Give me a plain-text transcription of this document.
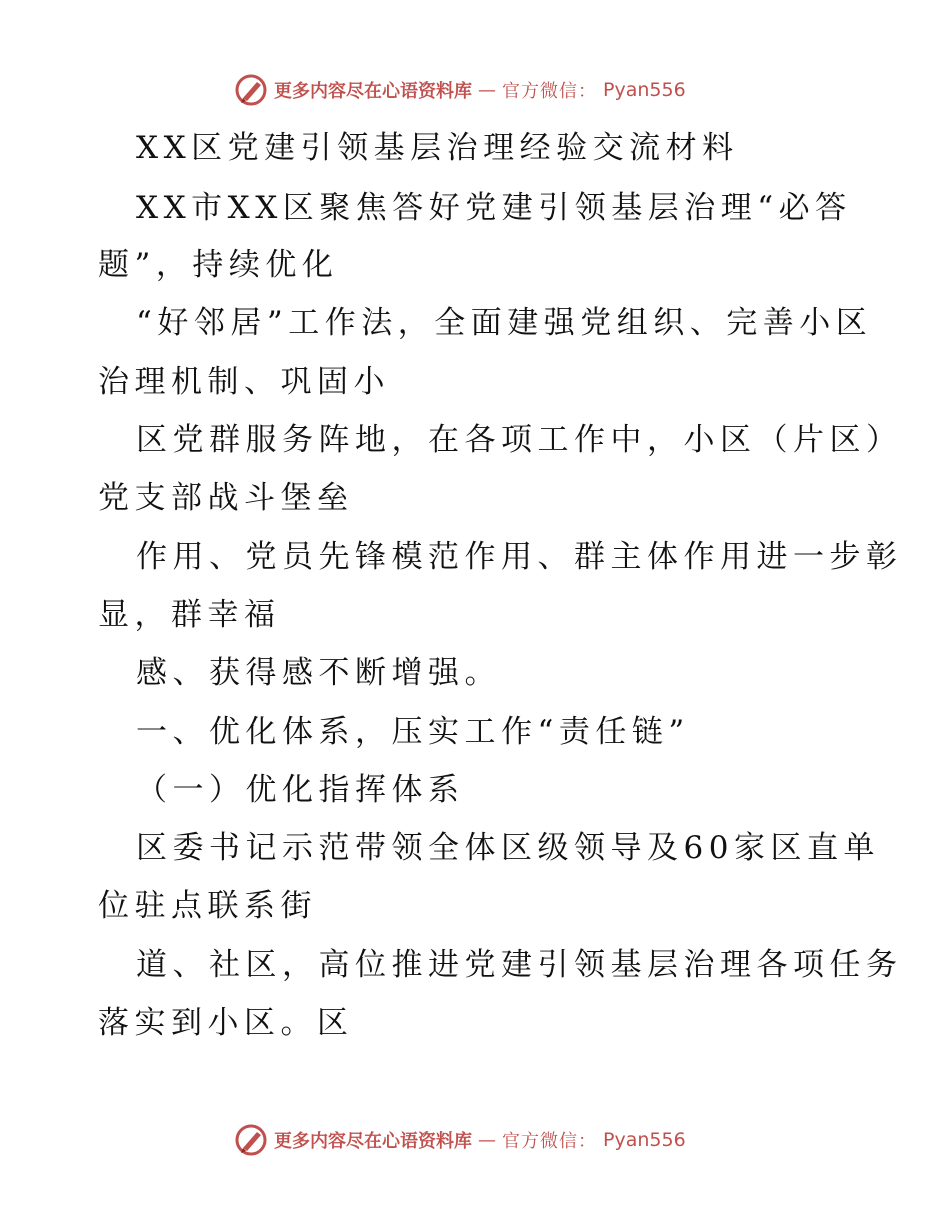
更多内容尽在心语资料库 — 官方微信： Pyan556
XX区党建引领基层治理经验交流材料
XX市XX区聚焦答好党建引领基层治理“必答
题”，持续优化
“好邻居”工作法，全面建强党组织、完善小区
治理机制、巩固小
区党群服务阵地，在各项工作中，小区（片区）
党支部战斗堡垒
作用、党员先锋模范作用、群主体作用进一步彰
显，群幸福
感、获得感不断增强。
一、优化体系，压实工作“责任链”
（一）优化指挥体系
区委书记示范带领全体区级领导及60家区直单
位驻点联系街
道、社区，高位推进党建引领基层治理各项任务
落实到小区。区
更多内容尽在心语资料库 — 官方微信： Pyan556
